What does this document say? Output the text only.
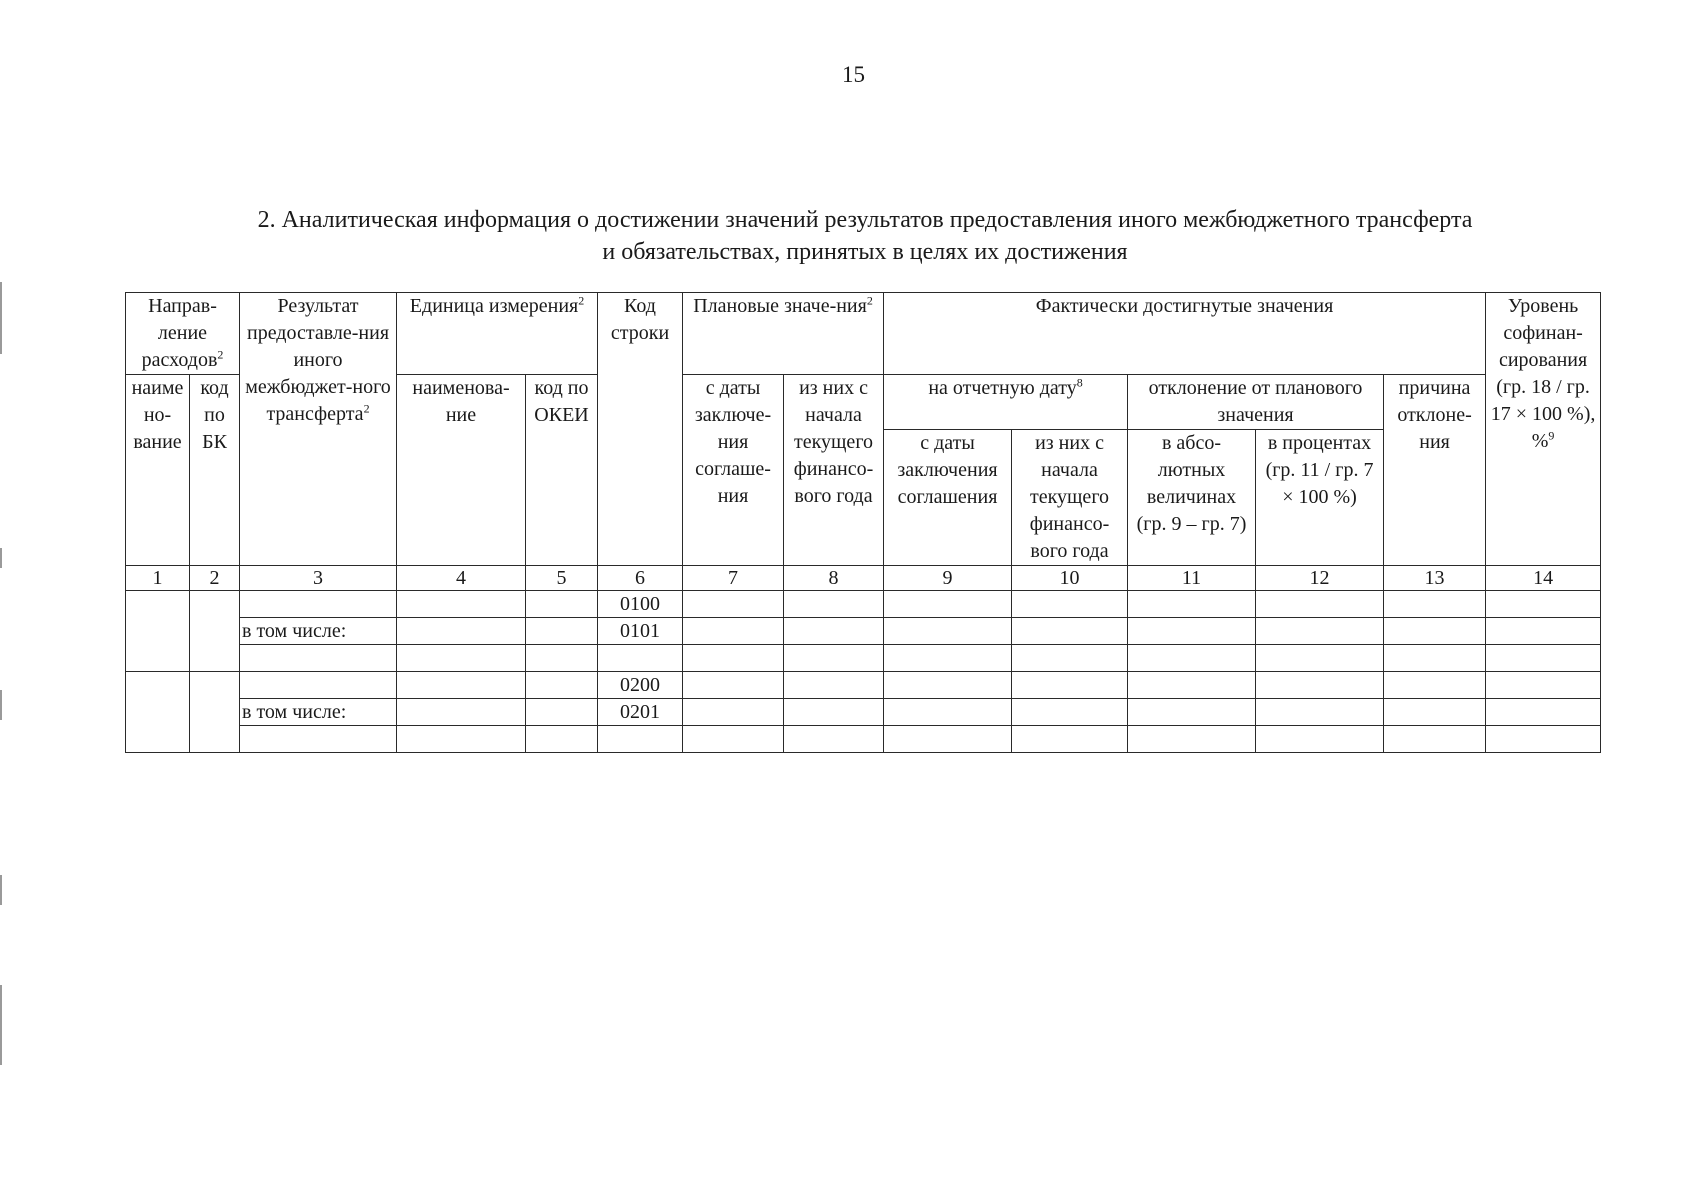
15
2. Аналитическая информация о достижении значений результатов предоставления иного межбюджетного трансферта
и обязательствах, принятых в целях их достижения
Направ-ление расходов$^2$		Результат предоставле-ния иного межбюджет-ного трансферта$^2$	Единица измерения$^2$		Код строки	Плановые значе-ния$^2$		Фактически достигнутые значения					Уровень софинан-сирования (гр. 18 / гр. 17 × 100 %), %$^9$
наиме но-вание	код по БК		наименова-ние	код по ОКЕИ		с даты заключе-ния соглаше-ния	из них с начала текущего финансо-вого года	на отчетную дату$^8$		отклонение от планового значения		причина отклоне-ния	

								с даты заключения соглашения	из них с начала текущего финансо-вого года	в абсо-лютных величинах (гр. 9 – гр. 7)	в процентах (гр. 11 / гр. 7 × 100 %)		
1	2	3	4	5	6	7	8	9	10	11	12	13	14
					0100								
		в том числе:			0101								

					0200								
		в том числе:			0201								
